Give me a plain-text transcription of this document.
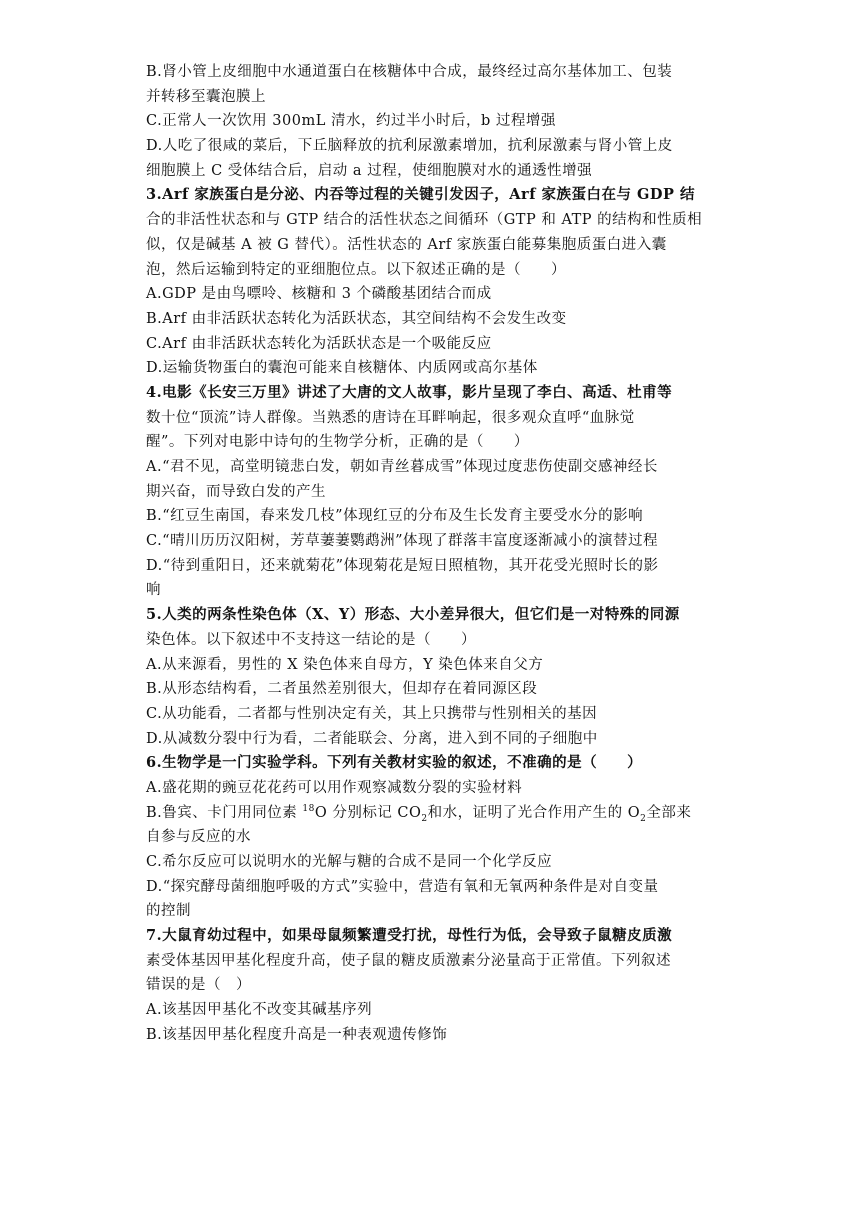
B.肾小管上皮细胞中水通道蛋白在核糖体中合成，最终经过高尔基体加工、包装
并转移至囊泡膜上
C.正常人一次饮用 300mL 清水，约过半小时后，b 过程增强
D.人吃了很咸的菜后，下丘脑释放的抗利尿激素增加，抗利尿激素与肾小管上皮
细胞膜上 C 受体结合后，启动 a 过程，使细胞膜对水的通透性增强
3.Arf 家族蛋白是分泌、内吞等过程的关键引发因子，Arf 家族蛋白在与 GDP 结
合的非活性状态和与 GTP 结合的活性状态之间循环（GTP 和 ATP 的结构和性质相
似，仅是碱基 A 被 G 替代）。活性状态的 Arf 家族蛋白能募集胞质蛋白进入囊
泡，然后运输到特定的亚细胞位点。以下叙述正确的是（　　）
A.GDP 是由鸟嘌呤、核糖和 3 个磷酸基团结合而成
B.Arf 由非活跃状态转化为活跃状态，其空间结构不会发生改变
C.Arf 由非活跃状态转化为活跃状态是一个吸能反应
D.运输货物蛋白的囊泡可能来自核糖体、内质网或高尔基体
4.电影《长安三万里》讲述了大唐的文人故事，影片呈现了李白、高适、杜甫等
数十位“顶流”诗人群像。当熟悉的唐诗在耳畔响起，很多观众直呼“血脉觉
醒”。下列对电影中诗句的生物学分析，正确的是（　　）
A.“君不见，高堂明镜悲白发，朝如青丝暮成雪”体现过度悲伤使副交感神经长
期兴奋，而导致白发的产生
B.“红豆生南国，春来发几枝”体现红豆的分布及生长发育主要受水分的影响
C.“晴川历历汉阳树，芳草萋萋鹦鹉洲”体现了群落丰富度逐渐减小的演替过程
D.“待到重阳日，还来就菊花”体现菊花是短日照植物，其开花受光照时长的影
响
5.人类的两条性染色体（X、Y）形态、大小差异很大，但它们是一对特殊的同源
染色体。以下叙述中不支持这一结论的是（　　）
A.从来源看，男性的 X 染色体来自母方，Y 染色体来自父方
B.从形态结构看，二者虽然差别很大，但却存在着同源区段
C.从功能看，二者都与性别决定有关，其上只携带与性别相关的基因
D.从减数分裂中行为看，二者能联会、分离，进入到不同的子细胞中
6.生物学是一门实验学科。下列有关教材实验的叙述，不准确的是（　　）
A.盛花期的豌豆花花药可以用作观察减数分裂的实验材料
B.鲁宾、卡门用同位素 $^{18}$O 分别标记 $CO_2$和水，证明了光合作用产生的 $O_2$全部来
自参与反应的水
C.希尔反应可以说明水的光解与糖的合成不是同一个化学反应
D.“探究酵母菌细胞呼吸的方式”实验中，营造有氧和无氧两种条件是对自变量
的控制
7.大鼠育幼过程中，如果母鼠频繁遭受打扰，母性行为低，会导致子鼠糖皮质激
素受体基因甲基化程度升高，使子鼠的糖皮质激素分泌量高于正常值。下列叙述
错误的是（　）
A.该基因甲基化不改变其碱基序列
B.该基因甲基化程度升高是一种表观遗传修饰
